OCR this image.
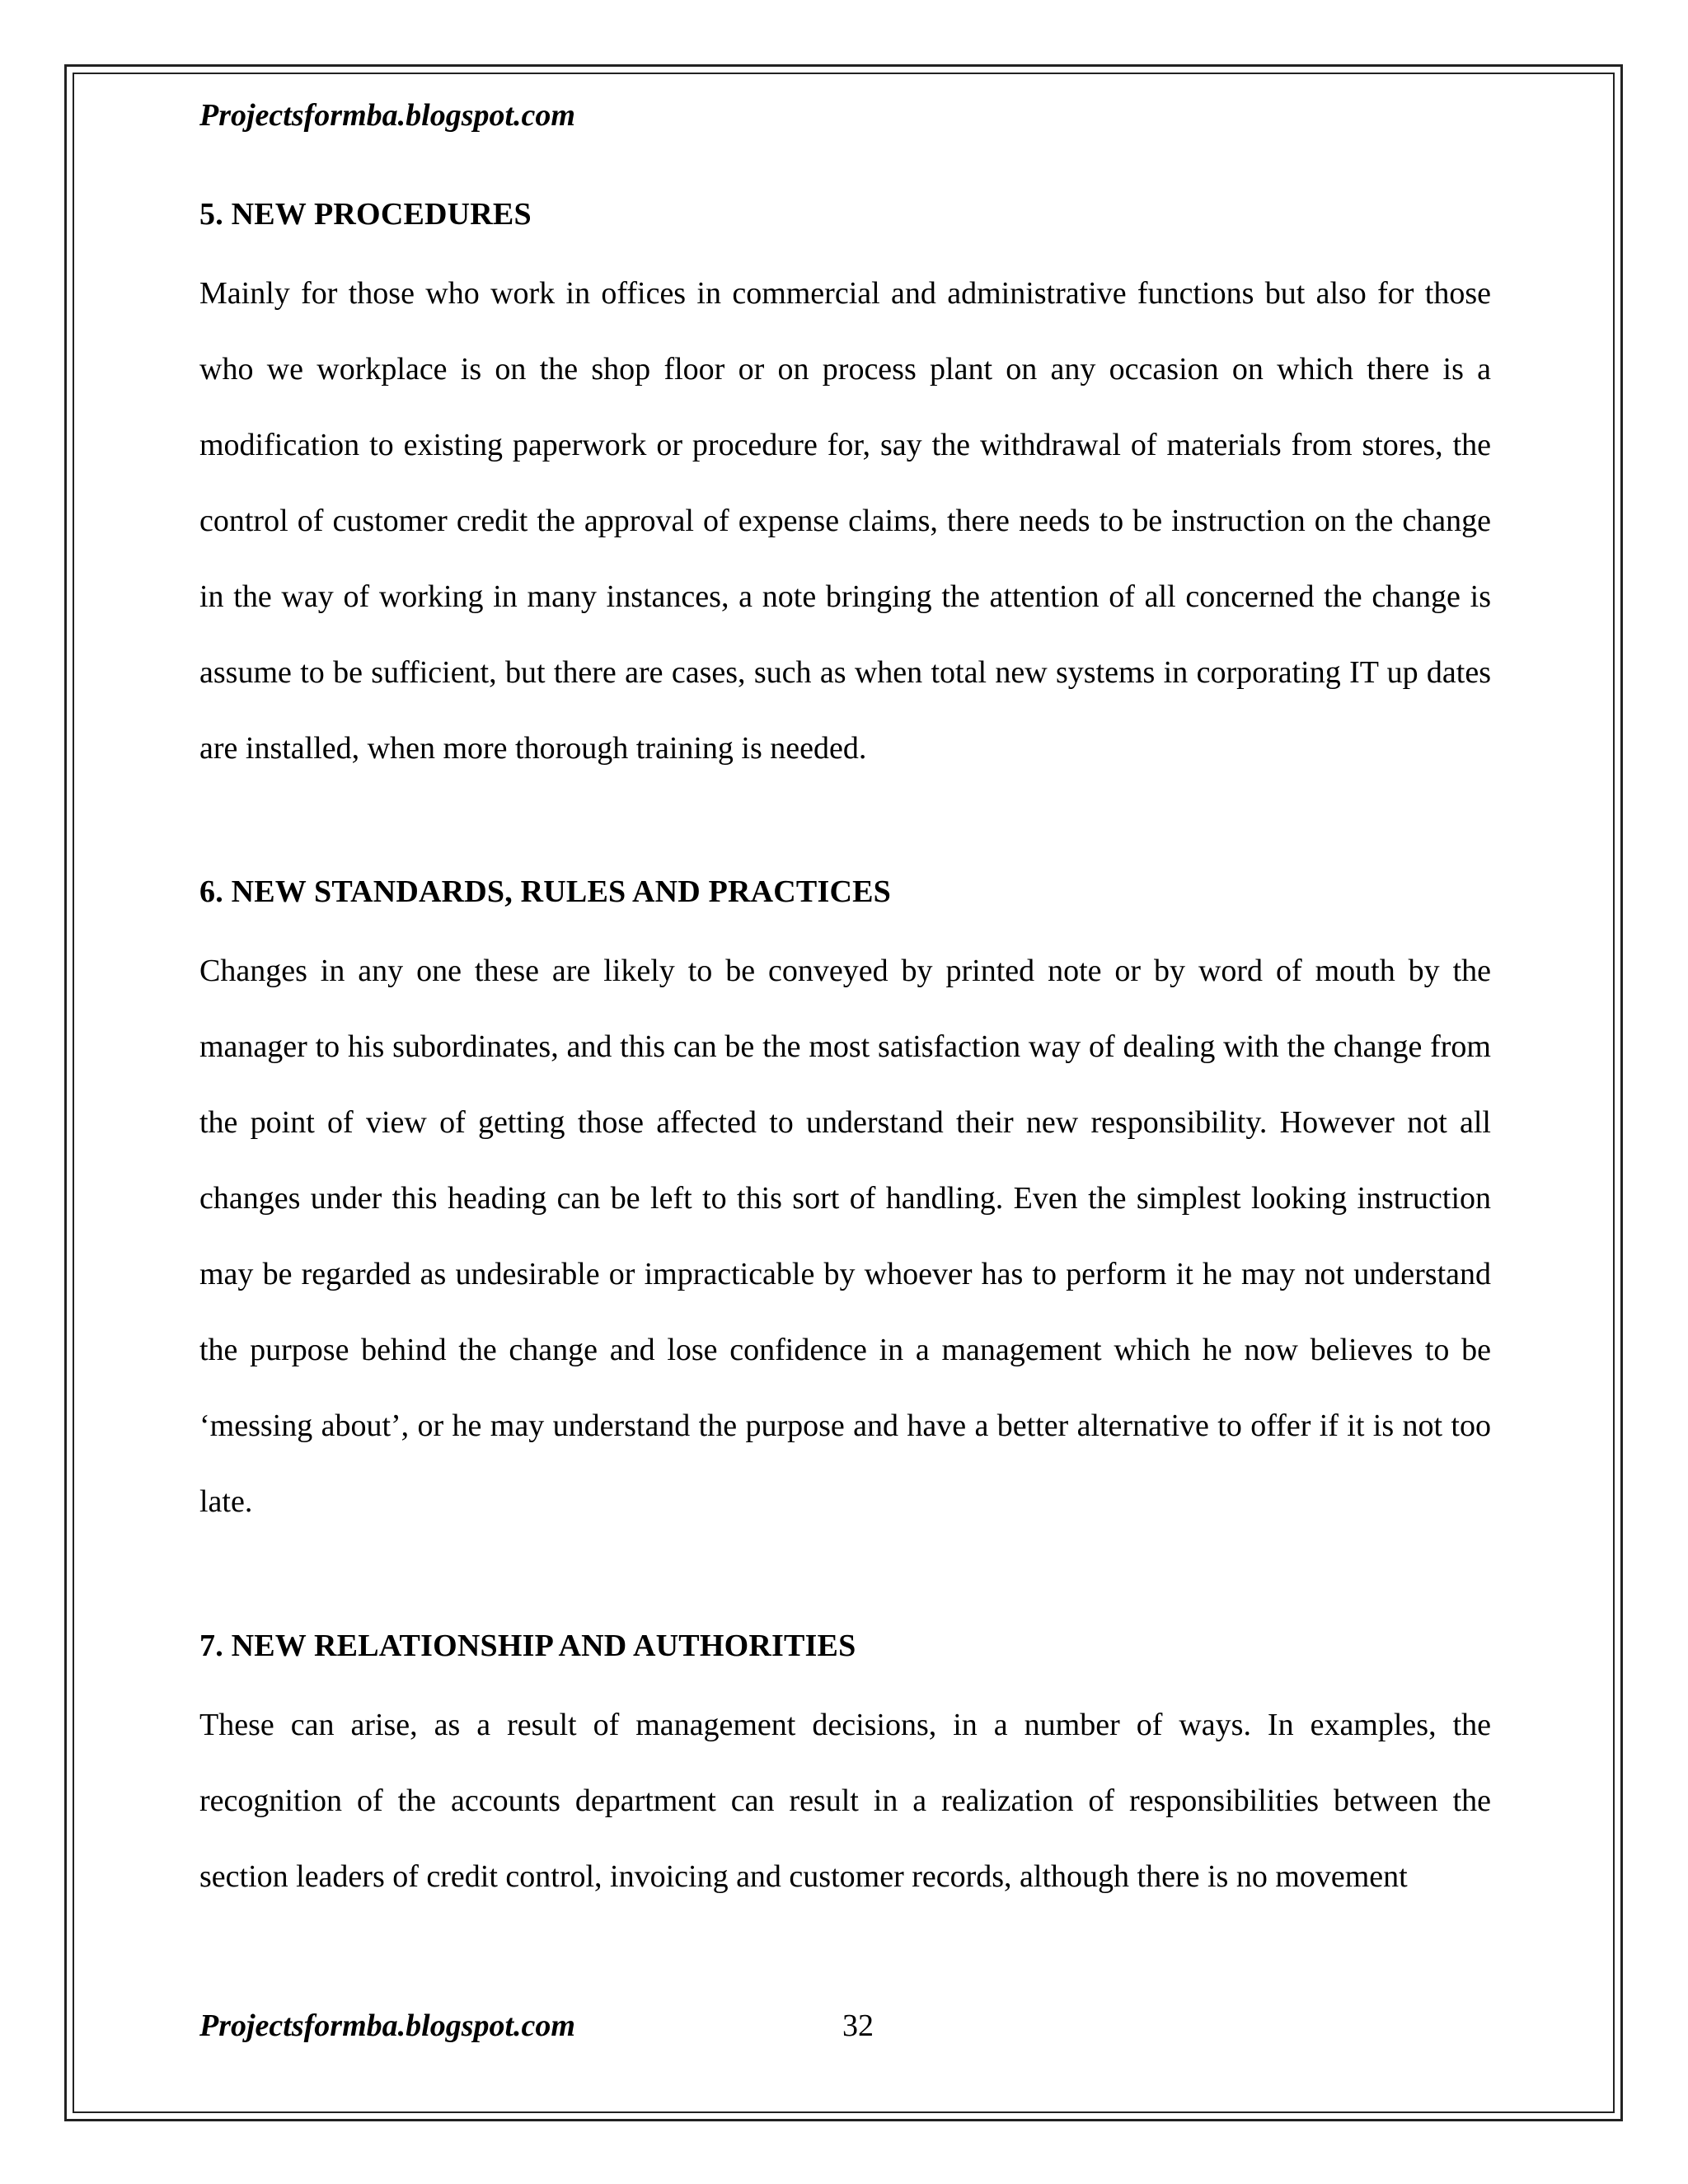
Projectsformba.blogspot.com
5. NEW PROCEDURES
Mainly for those who work in offices in commercial and administrative functions but also for those who we workplace is on the shop floor or on process plant on any occasion on which there is a modification to existing paperwork or procedure for, say the withdrawal of materials from stores, the control of customer credit the approval of expense claims, there needs to be instruction on the change in the way of working in many instances, a note bringing the attention of all concerned the change is assume to be sufficient, but there are cases, such as when total new systems in corporating IT up dates are installed, when more thorough training is needed.
6. NEW STANDARDS, RULES AND PRACTICES
Changes in any one these are likely to be conveyed by printed note or by word of mouth by the manager to his subordinates, and this can be the most satisfaction way of dealing with the change from the point of view of getting those affected to understand their new responsibility. However not all changes under this heading can be left to this sort of handling. Even the simplest looking instruction may be regarded as undesirable or impracticable by whoever has to perform it he may not understand the purpose behind the change and lose confidence in a management which he now believes to be ‘messing about’, or he may understand the purpose and have a better alternative to offer if it is not too late.
7. NEW RELATIONSHIP AND AUTHORITIES
These can arise, as a result of management decisions, in a number of ways. In examples, the recognition of the accounts department can result in a realization of responsibilities between the section leaders of credit control, invoicing and customer records, although there is no movement
Projectsformba.blogspot.com	32
